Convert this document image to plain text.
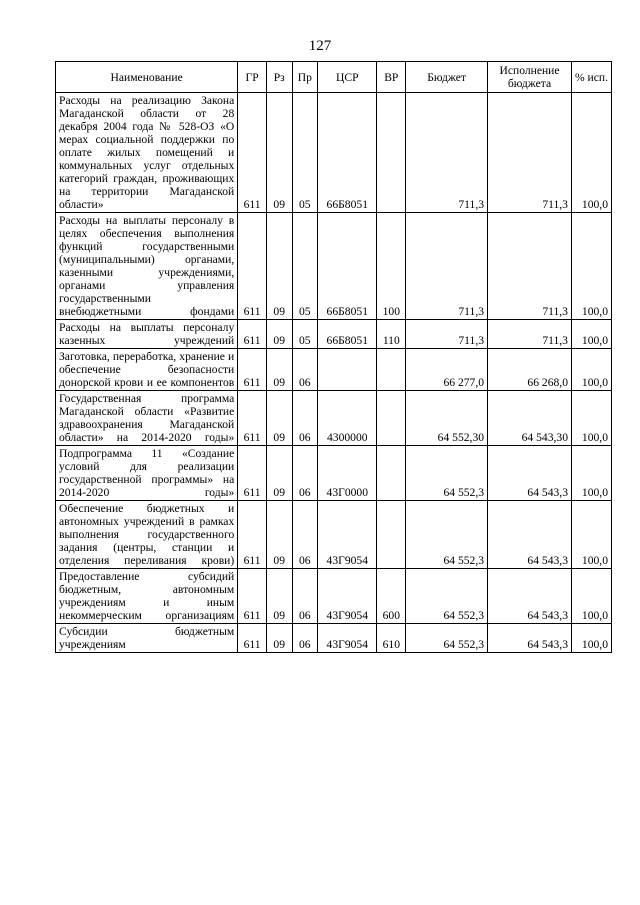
127
Наименование	ГР	Рз	Пр	ЦСР	ВР	Бюджет	Исполнение бюджета	% исп.
Расходы на реализацию Закона Магаданской области от 28 декабря 2004 года № 528-ОЗ «О мерах социальной поддержки по оплате жилых помещений и коммунальных услуг отдельных категорий граждан, проживающих на территории Магаданской области»	611	09	05	66Б8051		711,3	711,3	100,0
Расходы на выплаты персоналу в целях обеспечения выполнения функций государственными (муниципальными) органами, казенными учреждениями, органами управления государственными внебюджетными фондами	611	09	05	66Б8051	100	711,3	711,3	100,0
Расходы на выплаты персоналу казенных учреждений	611	09	05	66Б8051	110	711,3	711,3	100,0
Заготовка, переработка, хранение и обеспечение безопасности донорской крови и ее компонентов	611	09	06			66 277,0	66 268,0	100,0
Государственная программа Магаданской области «Развитие здравоохранения Магаданской области» на 2014-2020 годы»	611	09	06	4300000		64 552,30	64 543,30	100,0
Подпрограмма 11 «Создание условий для реализации государственной программы» на 2014-2020 годы»	611	09	06	43Г0000		64 552,3	64 543,3	100,0
Обеспечение бюджетных и автономных учреждений в рамках выполнения государственного задания (центры, станции и отделения переливания крови)	611	09	06	43Г9054		64 552,3	64 543,3	100,0
Предоставление субсидий бюджетным, автономным учреждениям и иным некоммерческим организациям	611	09	06	43Г9054	600	64 552,3	64 543,3	100,0
Субсидии бюджетным учреждениям	611	09	06	43Г9054	610	64 552,3	64 543,3	100,0
